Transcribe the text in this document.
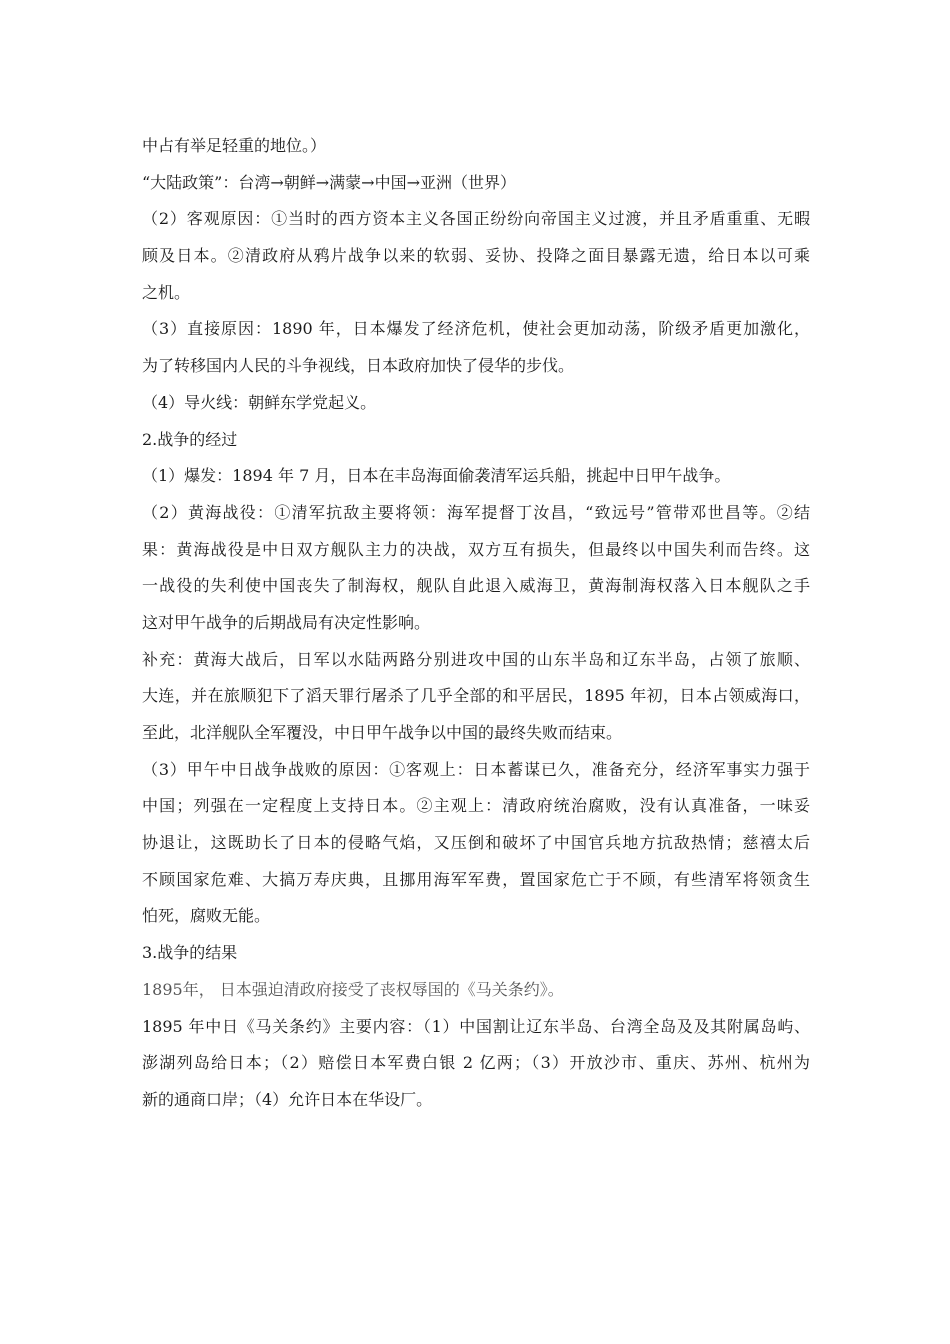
中占有举足轻重的地位。）
“大陆政策”：台湾→朝鲜→满蒙→中国→亚洲（世界）
（2）客观原因：①当时的西方资本主义各国正纷纷向帝国主义过渡，并且矛盾重重、无暇
顾及日本。②清政府从鸦片战争以来的软弱、妥协、投降之面目暴露无遗，给日本以可乘
之机。
（3）直接原因：1890 年，日本爆发了经济危机，使社会更加动荡，阶级矛盾更加激化，
为了转移国内人民的斗争视线，日本政府加快了侵华的步伐。
（4）导火线：朝鲜东学党起义。
2.战争的经过
（1）爆发：1894 年 7 月，日本在丰岛海面偷袭清军运兵船，挑起中日甲午战争。
（2）黄海战役：①清军抗敌主要将领：海军提督丁汝昌，“致远号”管带邓世昌等。②结
果：黄海战役是中日双方舰队主力的决战，双方互有损失，但最终以中国失利而告终。这
一战役的失利使中国丧失了制海权，舰队自此退入威海卫，黄海制海权落入日本舰队之手
这对甲午战争的后期战局有决定性影响。
补充：黄海大战后，日军以水陆两路分别进攻中国的山东半岛和辽东半岛，占领了旅顺、
大连，并在旅顺犯下了滔天罪行屠杀了几乎全部的和平居民，1895 年初，日本占领威海口，
至此，北洋舰队全军覆没，中日甲午战争以中国的最终失败而结束。
（3）甲午中日战争战败的原因：①客观上：日本蓄谋已久，准备充分，经济军事实力强于
中国；列强在一定程度上支持日本。②主观上：清政府统治腐败，没有认真准备，一味妥
协退让，这既助长了日本的侵略气焰，又压倒和破坏了中国官兵地方抗敌热情；慈禧太后
不顾国家危难、大搞万寿庆典，且挪用海军军费，置国家危亡于不顾，有些清军将领贪生
怕死，腐败无能。
3.战争的结果
1895年， 日本强迫清政府接受了丧权辱国的《马关条约》。
1895 年中日《马关条约》主要内容：（1）中国割让辽东半岛、台湾全岛及及其附属岛屿、
澎湖列岛给日本；（2）赔偿日本军费白银 2 亿两；（3）开放沙市、重庆、苏州、杭州为
新的通商口岸；（4）允许日本在华设厂。
